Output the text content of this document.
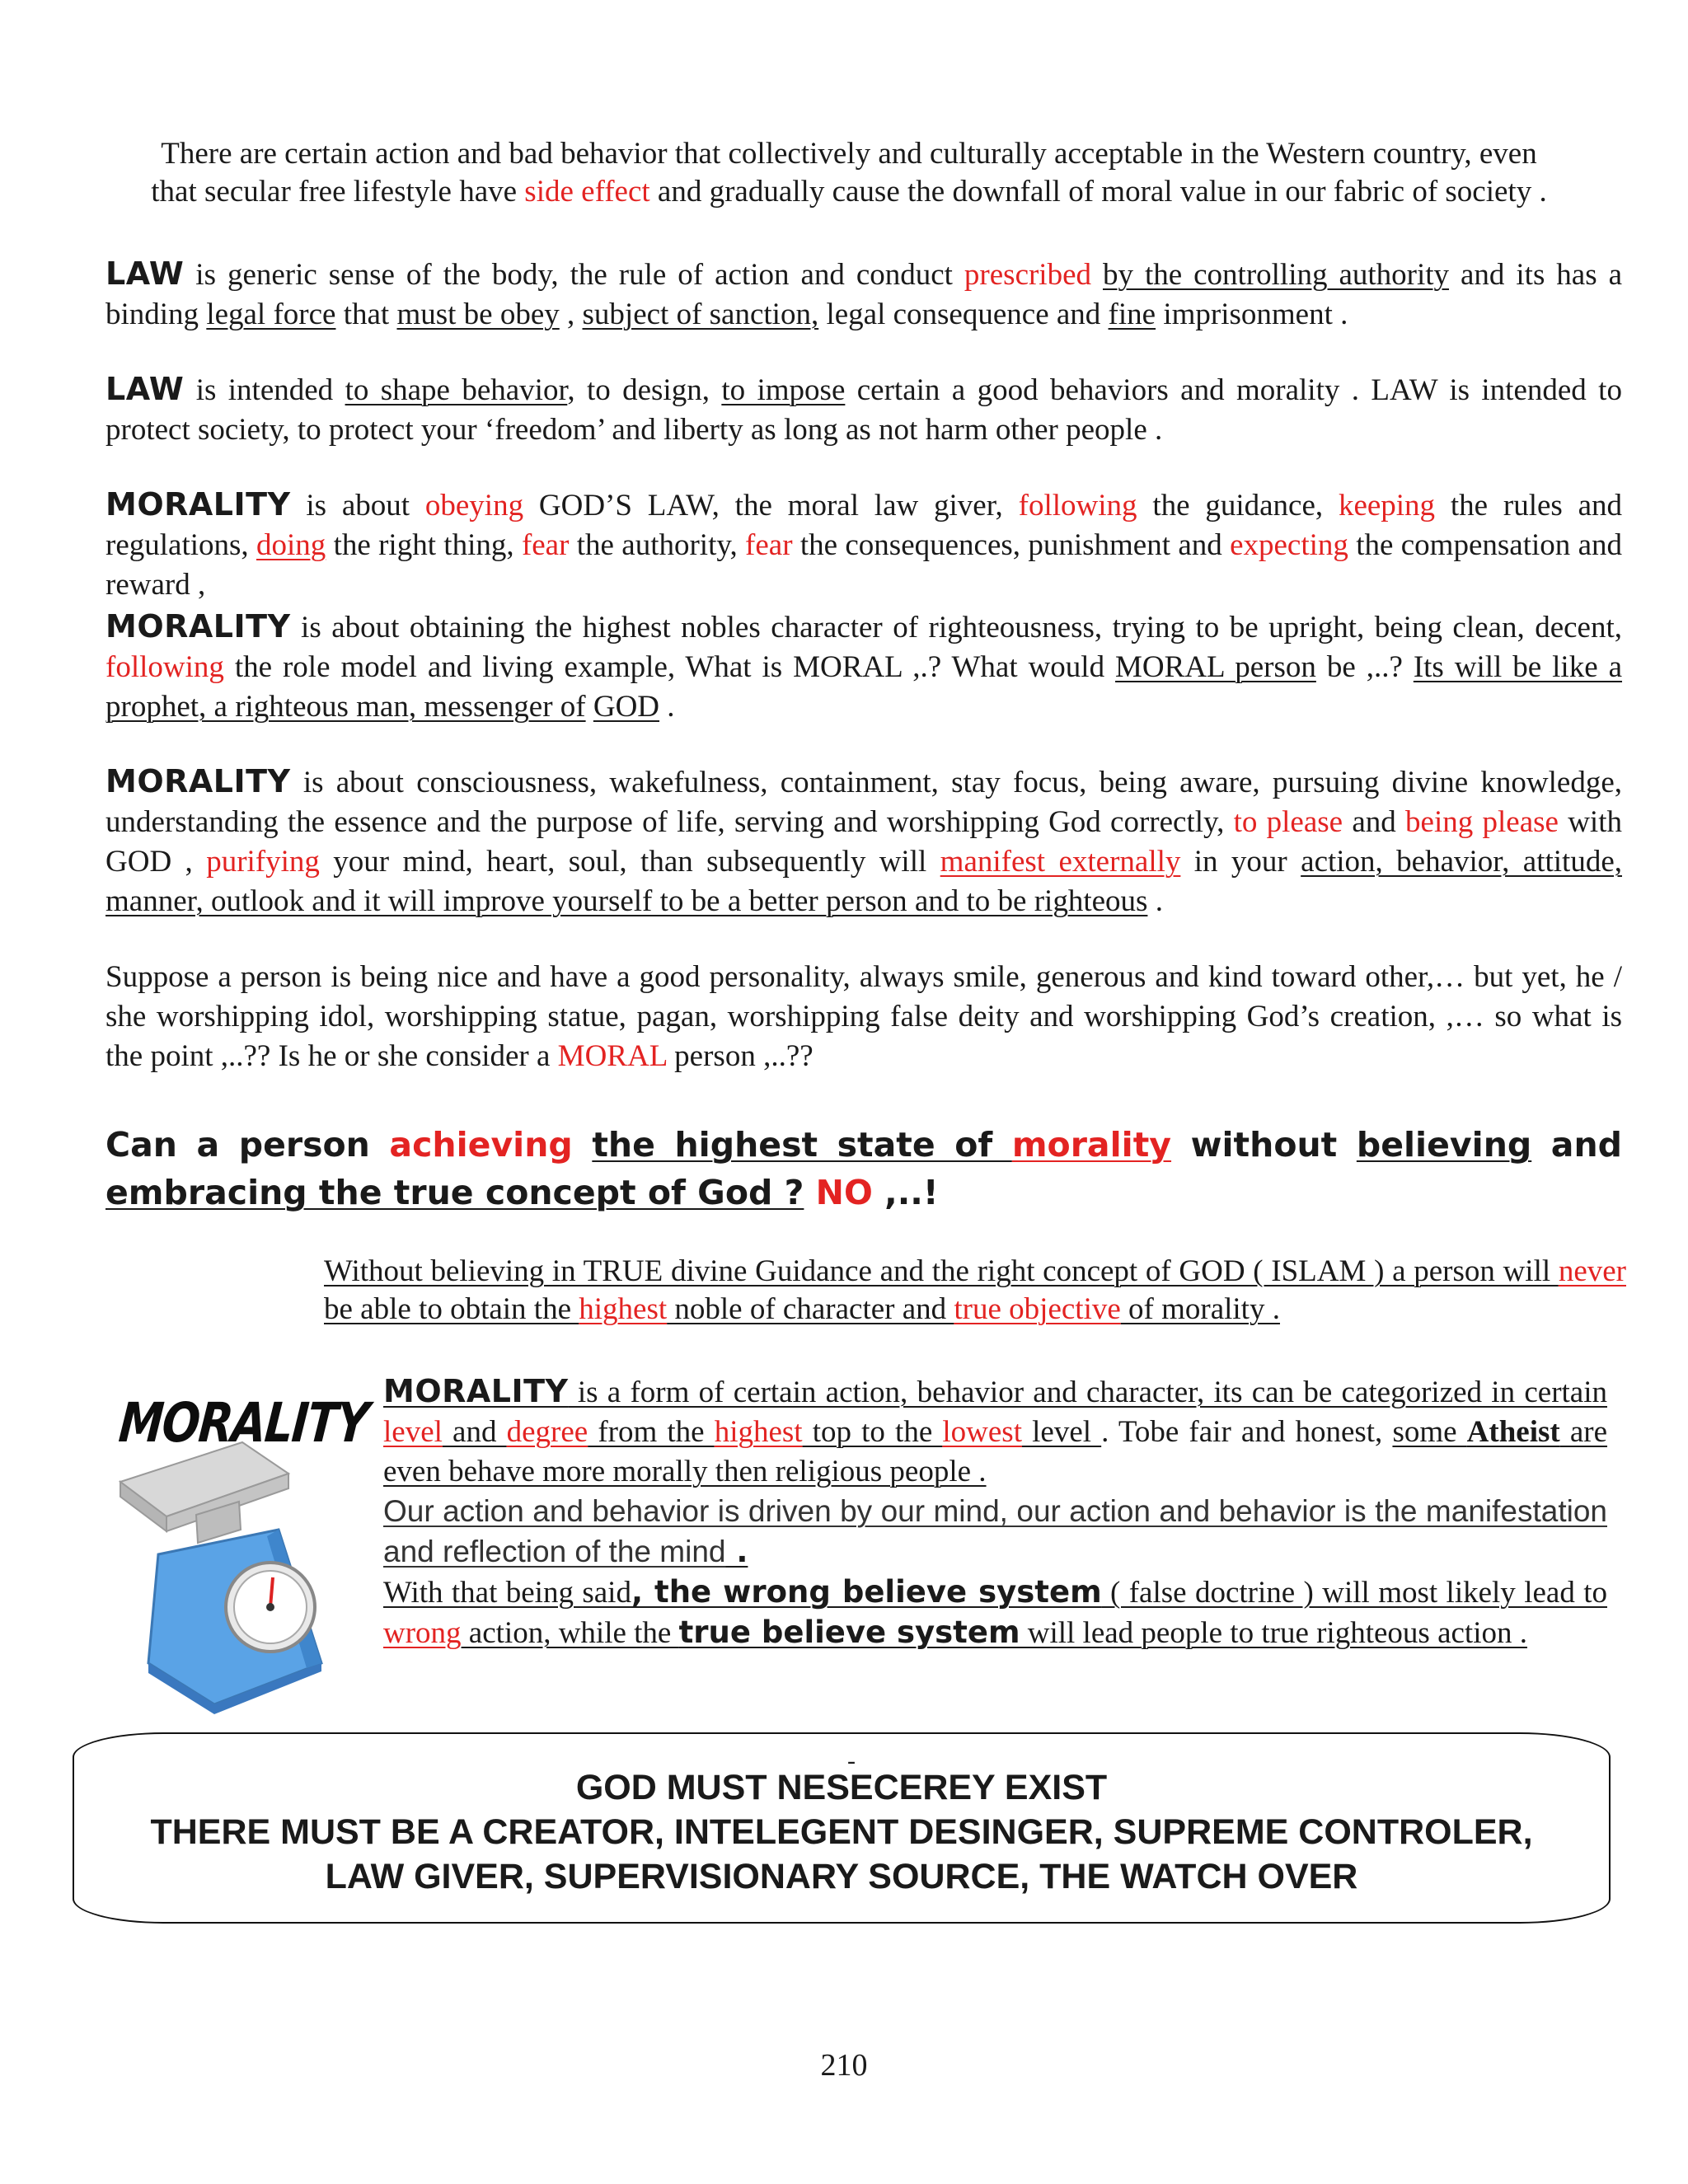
There are certain action and bad behavior that collectively and culturally acceptable in the Western country, even
that secular free lifestyle have side effect and gradually cause the downfall of moral value in our fabric of society .
LAW is generic sense of the body, the rule of action and conduct prescribed by the controlling authority and its has a binding legal force that must be obey , subject of sanction, legal consequence and fine imprisonment .
LAW is intended to shape behavior, to design, to impose certain a good behaviors and morality . LAW is intended to protect society, to protect your ‘freedom’ and liberty as long as not harm other people .
MORALITY is about obeying GOD’S LAW, the moral law giver, following the guidance, keeping the rules and regulations, doing the right thing, fear the authority, fear the consequences, punishment and expecting the compensation and reward ,
MORALITY is about obtaining the highest nobles character of righteousness, trying to be upright, being clean, decent, following the role model and living example, What is MORAL ,.? What would MORAL person be ,..? Its will be like a prophet, a righteous man, messenger of GOD .
MORALITY is about consciousness, wakefulness, containment, stay focus, being aware, pursuing divine knowledge, understanding the essence and the purpose of life, serving and worshipping God correctly, to please and being please with GOD , purifying your mind, heart, soul, than subsequently will manifest externally in your action, behavior, attitude, manner, outlook and it will improve yourself to be a better person and to be righteous .
Suppose a person is being nice and have a good personality, always smile, generous and kind toward other,… but yet, he / she worshipping idol, worshipping statue, pagan, worshipping false deity and worshipping God’s creation, ,… so what is the point ,..?? Is he or she consider a MORAL person ,..??
Can a person achieving the highest state of morality without believing and embracing the true concept of God ? NO ,..!
Without believing in TRUE divine Guidance and the right concept of GOD ( ISLAM ) a person will never be able to obtain the highest noble of character and true objective of morality .
MORALITY MORALITY is a form of certain action, behavior and character, its can be categorized in certain level and degree from the highest top to the lowest level . Tobe fair and honest, some Atheist are even behave more morally then religious people .
Our action and behavior is driven by our mind, our action and behavior is the manifestation and reflection of the mind .
With that being said, the wrong believe system ( false doctrine ) will most likely lead to wrong action, while the true believe system will lead people to true righteous action .
-
GOD MUST NESECEREY EXIST
THERE MUST BE A CREATOR, INTELEGENT DESINGER, SUPREME CONTROLER,
LAW GIVER, SUPERVISIONARY SOURCE, THE WATCH OVER
210
